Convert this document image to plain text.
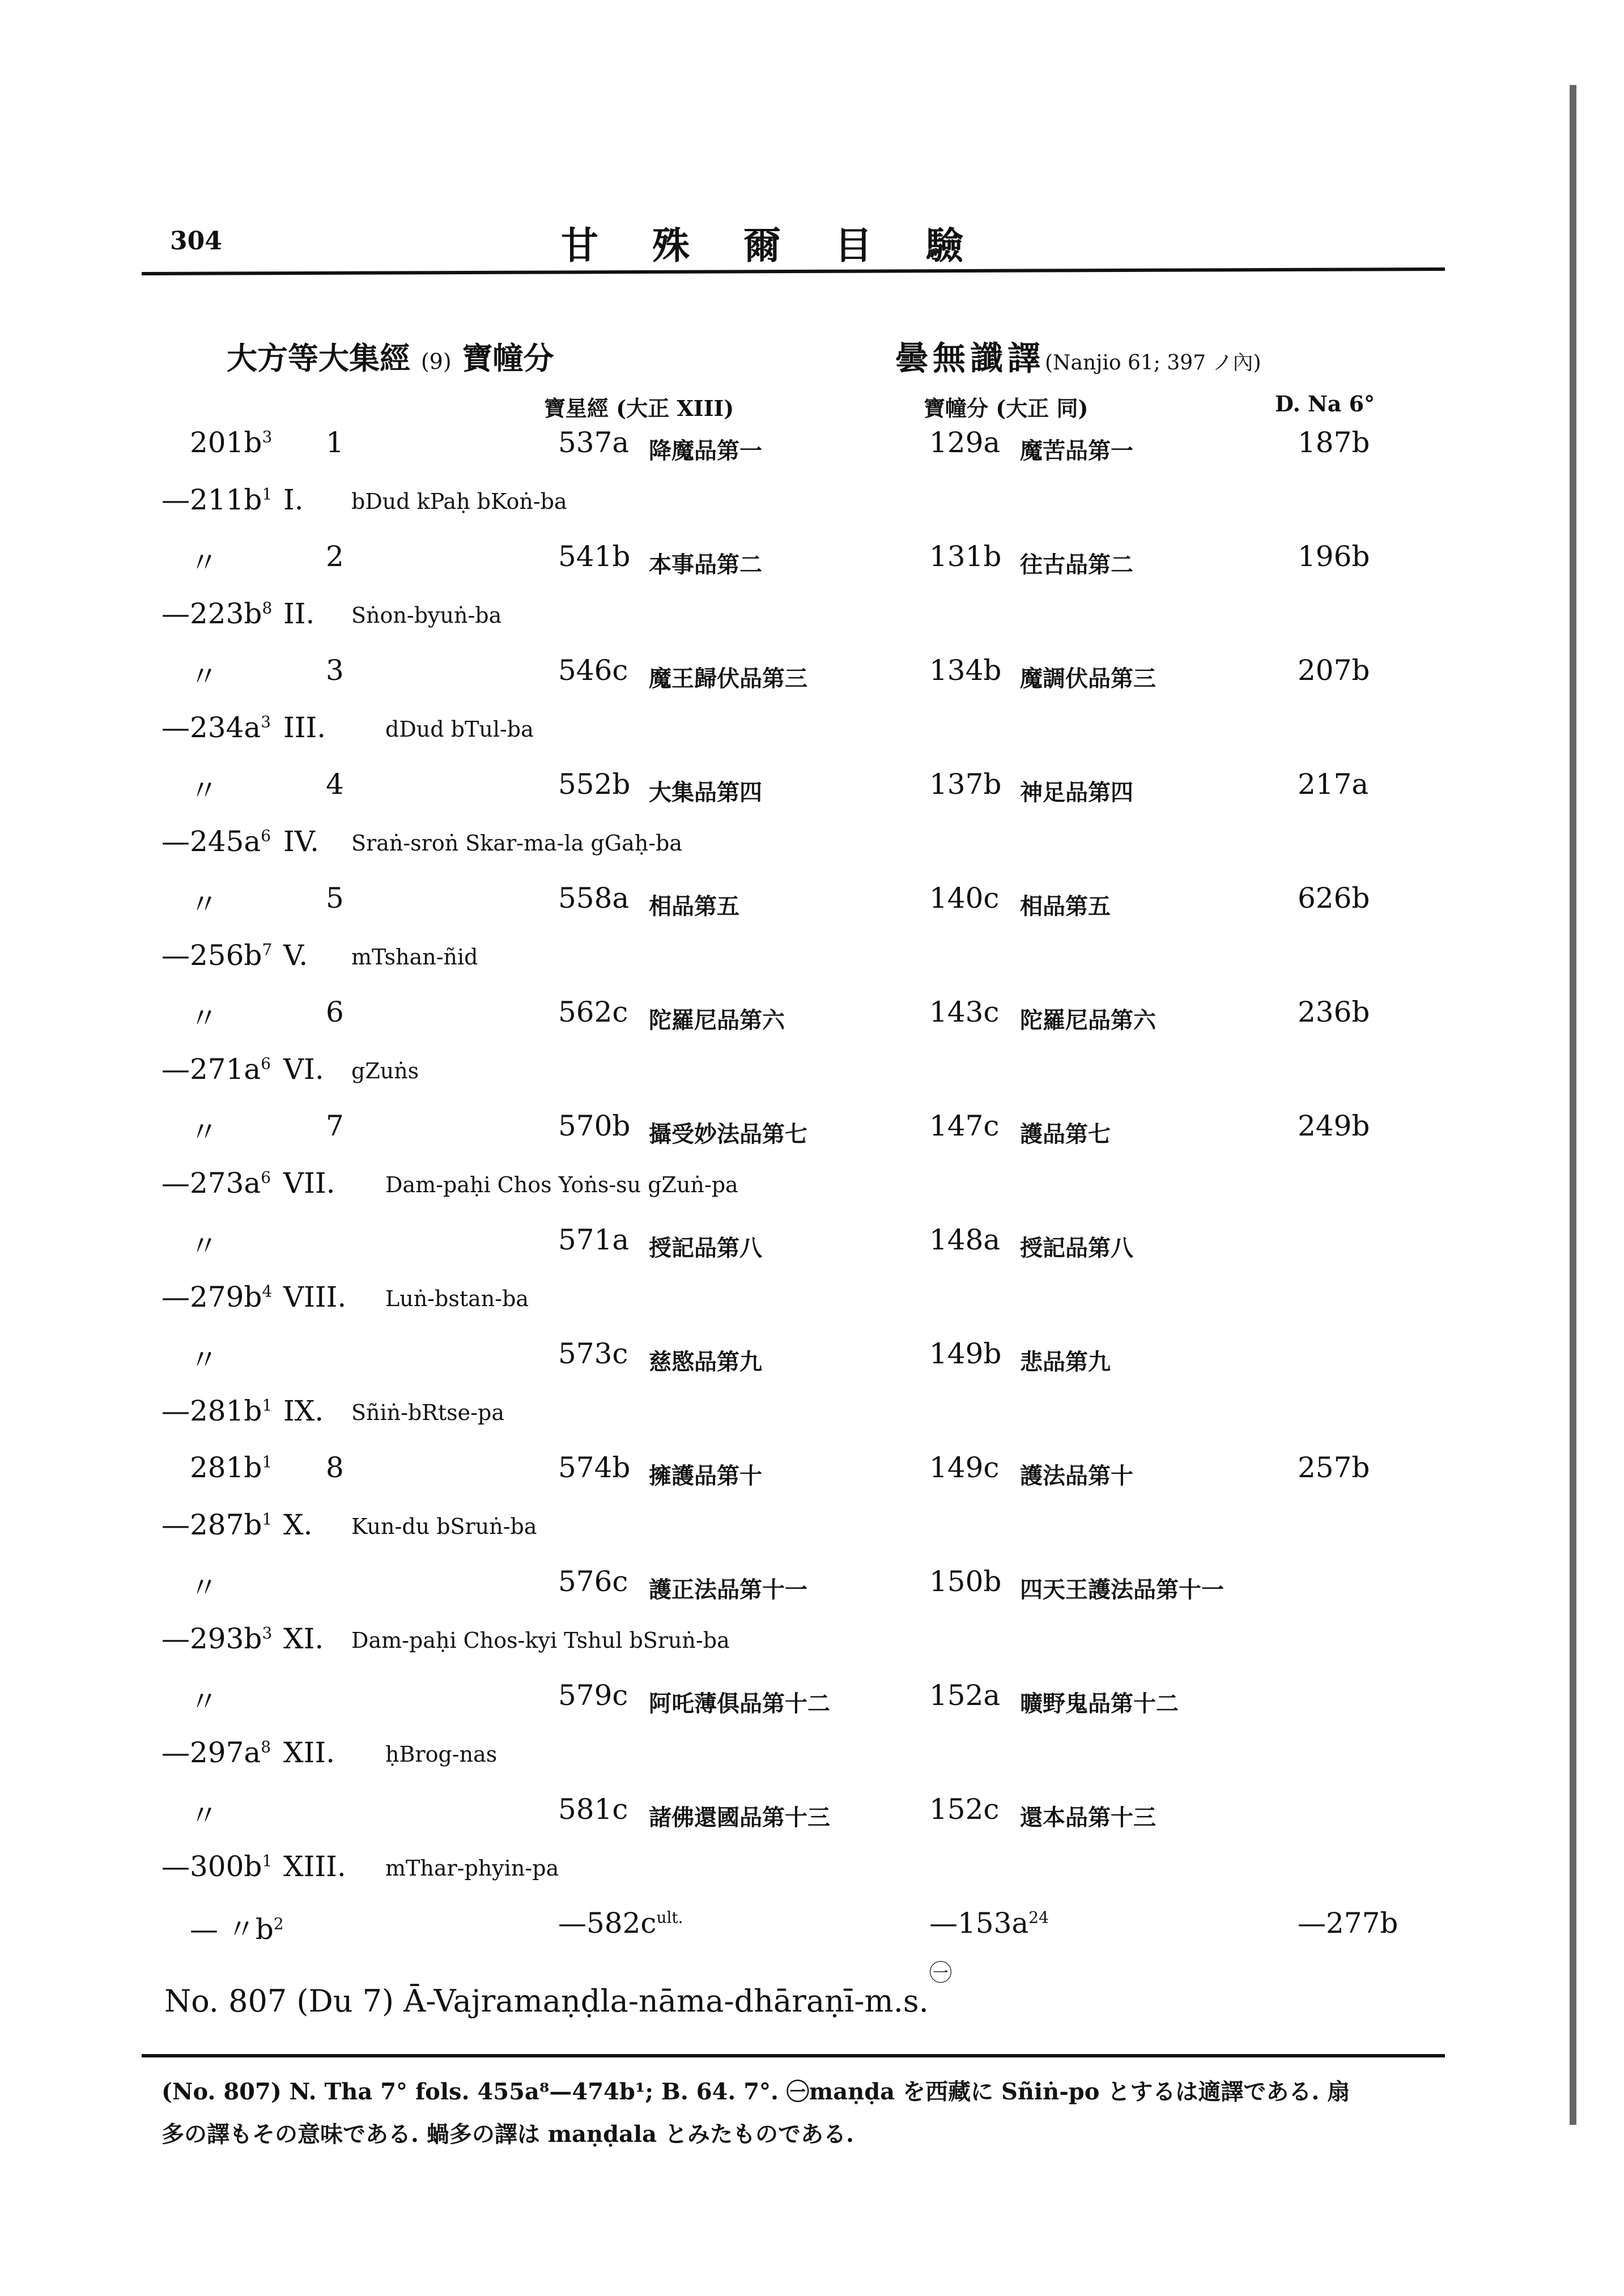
304	甘殊爾目驗
大方等大集經 (9) 寶幢分	曇無讖譯(Nanjio 61; 397 ノ內)
寶星經 (大正 XIII)	寶幢分 (大正 同)	D. Na 6°
$201b^3$ 1	537a 降魔品第一	129a 魔苦品第一	187b
$—211b^1$ I. bDud kPaḥ bKoṅ-ba
〃	2	541b 本事品第二	131b 往古品第二	196b
$—223b^8$ II. Sṅon-byuṅ-ba
〃	3	546c 魔王歸伏品第三	134b 魔調伏品第三	207b
$—234a^3$ III.	dDud bTul-ba
〃	4	552b 大集品第四	137b 神足品第四	217a
$—245a^6$ IV. Sraṅ-sroṅ Skar-ma-la gGaḥ-ba
〃	5	558a 相品第五	140c 相品第五	626b
$—256b^7$ V. mTshan-ñid
〃	6	562c 陀羅尼品第六	143c 陀羅尼品第六	236b
$—271a^6$ VI. gZuṅs
〃	7	570b 攝受妙法品第七	147c 護品第七	249b
$—273a^6$ VII. Dam-paḥi Chos Yoṅs-su gZuṅ-pa
〃	571a 授記品第八	148a 授記品第八
$—279b^4$ VIII. Luṅ-bstan-ba
〃	573c 慈愍品第九	149b 悲品第九
$—281b^1$ IX. Sñiṅ-bRtse-pa
$281b^1$ 8	574b 擁護品第十	149c 護法品第十	257b
$—287b^1$ X. Kun-du bSruṅ-ba
〃	576c 護正法品第十一	150b 四天王護法品第十一
$—293b^3$ XI. Dam-paḥi Chos-kyi Tshul bSruṅ-ba
〃	579c 阿吒薄俱品第十二	152a 曠野鬼品第十二
$—297a^8$ XII. ḥBrog-nas
〃	581c 諸佛還國品第十三	152c 還本品第十三
$—300b^1$ XIII. mThar-phyin-pa
— 〃$b^2$	$—582c^{ult.}$	$—153a^{24}$	—277b
㊀
No. 807 (Du 7) Ā-Vajramaṇḍla-nāma-dhāraṇī-m.s.
(No. 807) N. Tha 7° fols. 455a⁸—474b¹; B. 64. 7°. ㊀maṇḍa を西藏に Sñiṅ-po とするは適譯である. 扇
多の譯もその意味である. 蝸多の譯は maṇḍala とみたものである.
